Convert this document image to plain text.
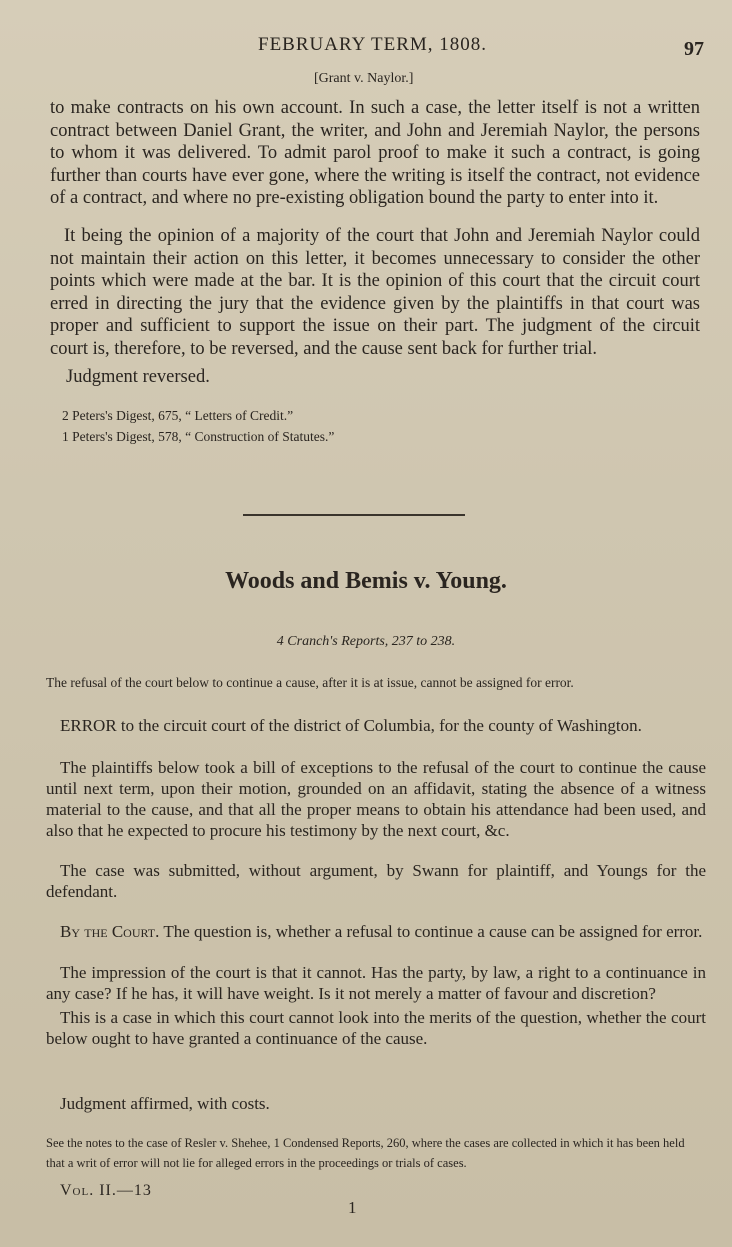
FEBRUARY TERM, 1808.	97
[Grant v. Naylor.]
to make contracts on his own account. In such a case, the letter itself is not a written contract between Daniel Grant, the writer, and John and Jeremiah Naylor, the persons to whom it was delivered. To admit parol proof to make it such a contract, is going further than courts have ever gone, where the writing is itself the contract, not evidence of a contract, and where no pre-existing obligation bound the party to enter into it.
It being the opinion of a majority of the court that John and Jeremiah Naylor could not maintain their action on this letter, it becomes unnecessary to consider the other points which were made at the bar. It is the opinion of this court that the circuit court erred in directing the jury that the evidence given by the plaintiffs in that court was proper and sufficient to support the issue on their part. The judgment of the circuit court is, therefore, to be reversed, and the cause sent back for further trial.
Judgment reversed.
2 Peters's Digest, 675, “ Letters of Credit.”
1 Peters's Digest, 578, “ Construction of Statutes.”
Woods and Bemis v. Young.
4 Cranch's Reports, 237 to 238.
The refusal of the court below to continue a cause, after it is at issue, cannot be assigned for error.
ERROR to the circuit court of the district of Columbia, for the county of Washington.
The plaintiffs below took a bill of exceptions to the refusal of the court to continue the cause until next term, upon their motion, grounded on an affidavit, stating the absence of a witness material to the cause, and that all the proper means to obtain his attendance had been used, and also that he expected to procure his testimony by the next court, &c.
The case was submitted, without argument, by Swann for plaintiff, and Youngs for the defendant.
By the Court. The question is, whether a refusal to continue a cause can be assigned for error.
The impression of the court is that it cannot. Has the party, by law, a right to a continuance in any case? If he has, it will have weight. Is it not merely a matter of favour and discretion?
This is a case in which this court cannot look into the merits of the question, whether the court below ought to have granted a continuance of the cause.
Judgment affirmed, with costs.
See the notes to the case of Resler v. Shehee, 1 Condensed Reports, 260, where the cases are collected in which it has been held that a writ of error will not lie for alleged errors in the proceedings or trials of cases.
Vol. II.—13
1
